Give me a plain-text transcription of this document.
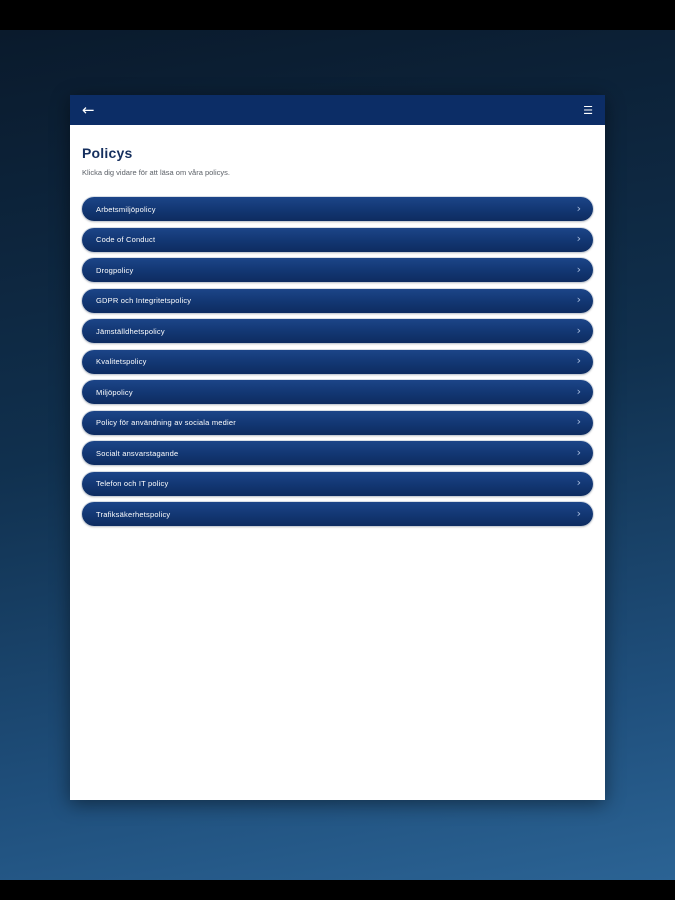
←	☰
Policys

Klicka dig vidare för att läsa om våra policys.

Arbetsmiljöpolicy	›
Code of Conduct	›
Drogpolicy	›
GDPR och Integritetspolicy	›
Jämställdhetspolicy	›
Kvalitetspolicy	›
Miljöpolicy	›
Policy för användning av sociala medier	›
Socialt ansvarstagande	›
Telefon och IT policy	›
Trafiksäkerhetspolicy	›
